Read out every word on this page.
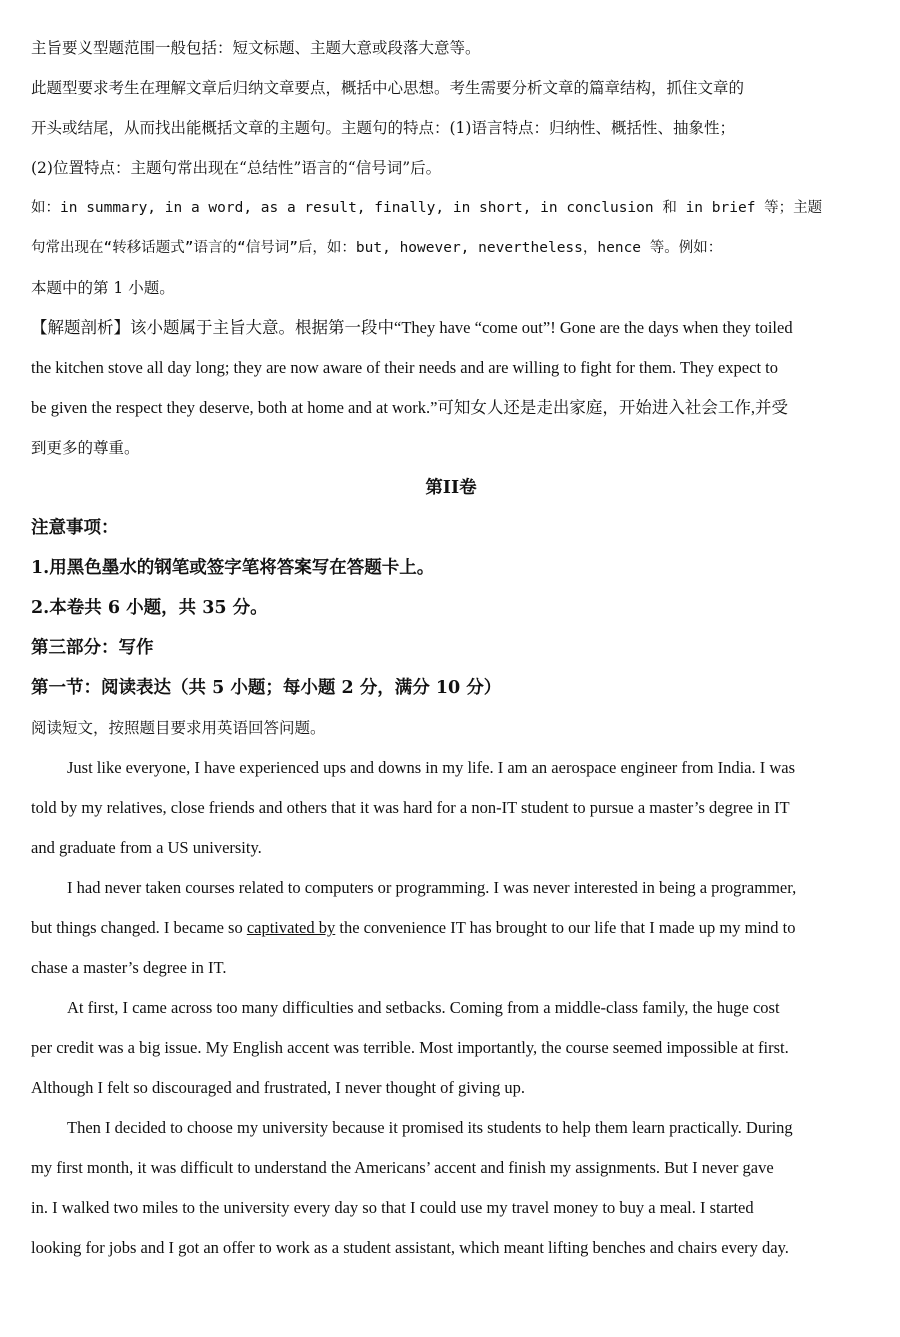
主旨要义型题范围一般包括：短文标题、主题大意或段落大意等。
此题型要求考生在理解文章后归纳文章要点，概括中心思想。考生需要分析文章的篇章结构，抓住文章的
开头或结尾，从而找出能概括文章的主题句。主题句的特点：(1)语言特点：归纳性、概括性、抽象性；
(2)位置特点：主题句常出现在“总结性”语言的“信号词”后。
如：in summary, in a word, as a result, finally, in short, in conclusion 和 in brief 等；主题
句常出现在“转移话题式”语言的“信号词”后，如：but, however, nevertheless，hence 等。例如：
本题中的第 1 小题。
【解题剖析】该小题属于主旨大意。根据第一段中“They have “come out”! Gone are the days when they toiled
the kitchen stove all day long; they are now aware of their needs and are willing to fight for them. They expect to
be given the respect they deserve, both at home and at work.”可知女人还是走出家庭，开始进入社会工作,并受
到更多的尊重。
第II卷
注意事项：
1.用黑色墨水的钢笔或签字笔将答案写在答题卡上。
2.本卷共 6 小题，共 35 分。
第三部分：写作
第一节：阅读表达（共 5 小题；每小题 2 分，满分 10 分）
阅读短文，按照题目要求用英语回答问题。
Just like everyone, I have experienced ups and downs in my life. I am an aerospace engineer from India. I was
told by my relatives, close friends and others that it was hard for a non-IT student to pursue a master’s degree in IT
and graduate from a US university.
I had never taken courses related to computers or programming. I was never interested in being a programmer,
but things changed. I became so captivated by the convenience IT has brought to our life that I made up my mind to
chase a master’s degree in IT.
At first, I came across too many difficulties and setbacks. Coming from a middle-class family, the huge cost
per credit was a big issue. My English accent was terrible. Most importantly, the course seemed impossible at first.
Although I felt so discouraged and frustrated, I never thought of giving up.
Then I decided to choose my university because it promised its students to help them learn practically. During
my first month, it was difficult to understand the Americans’ accent and finish my assignments. But I never gave
in. I walked two miles to the university every day so that I could use my travel money to buy a meal. I started
looking for jobs and I got an offer to work as a student assistant, which meant lifting benches and chairs every day.
